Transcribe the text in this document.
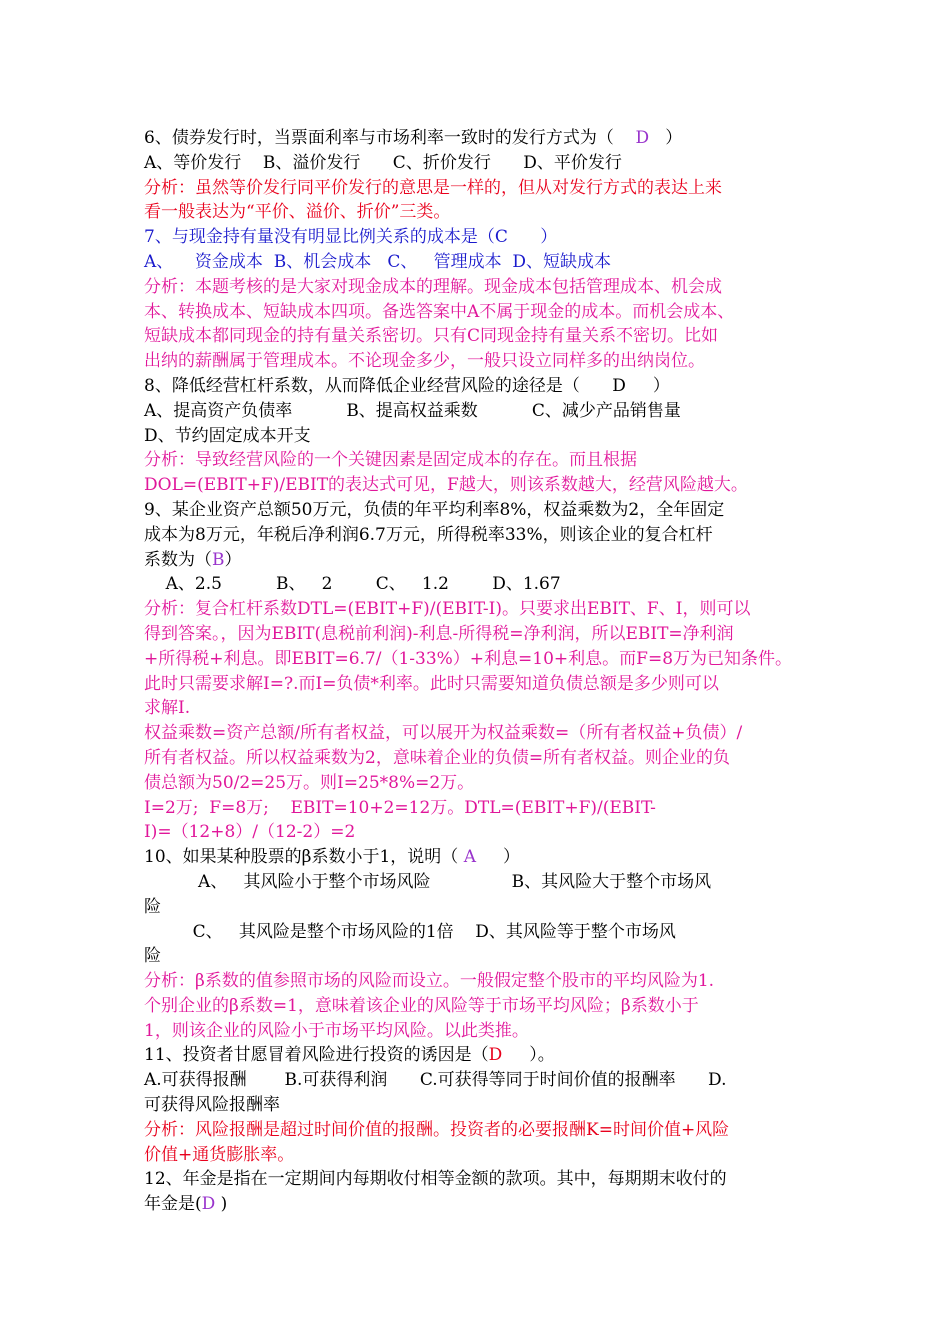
6、债券发行时，当票面利率与市场利率一致时的发行方式为（    D   ）
A、等价发行    B、溢价发行      C、折价发行      D、平价发行
分析：虽然等价发行同平价发行的意思是一样的，但从对发行方式的表达上来
看一般表达为“平价、溢价、折价”三类。
7、与现金持有量没有明显比例关系的成本是（C      ）
A、    资金成本  B、机会成本   C、   管理成本  D、短缺成本
分析：本题考核的是大家对现金成本的理解。现金成本包括管理成本、机会成
本、转换成本、短缺成本四项。备选答案中A不属于现金的成本。而机会成本、
短缺成本都同现金的持有量关系密切。只有C同现金持有量关系不密切。比如
出纳的薪酬属于管理成本。不论现金多少，一般只设立同样多的出纳岗位。
8、降低经营杠杆系数，从而降低企业经营风险的途径是（      D     ）
A、提高资产负债率          B、提高权益乘数          C、减少产品销售量
D、节约固定成本开支
分析：导致经营风险的一个关键因素是固定成本的存在。而且根据
DOL=(EBIT+F)/EBIT的表达式可见，F越大，则该系数越大，经营风险越大。
9、某企业资产总额50万元，负债的年平均利率8%，权益乘数为2，全年固定
成本为8万元，年税后净利润6.7万元，所得税率33%，则该企业的复合杠杆
系数为（B）
A、2.5          B、   2        C、   1.2        D、1.67
分析：复合杠杆系数DTL=(EBIT+F)/(EBIT-I)。只要求出EBIT、F、I，则可以
得到答案。，因为EBIT(息税前利润)-利息-所得税=净利润，所以EBIT=净利润
+所得税+利息。即EBIT=6.7/（1-33%）+利息=10+利息。而F=8万为已知条件。
此时只需要求解I=?.而I=负债*利率。此时只需要知道负债总额是多少则可以
求解I.
权益乘数=资产总额/所有者权益，可以展开为权益乘数=（所有者权益+负债）/
所有者权益。所以权益乘数为2，意味着企业的负债=所有者权益。则企业的负
债总额为50/2=25万。则I=25*8%=2万。
I=2万;  F=8万;    EBIT=10+2=12万。DTL=(EBIT+F)/(EBIT-
I)=（12+8）/（12-2）=2
10、如果某种股票的β系数小于1，说明（ A     ）
A、   其风险小于整个市场风险               B、其风险大于整个市场风
险
C、   其风险是整个市场风险的1倍    D、其风险等于整个市场风
险
分析：β系数的值参照市场的风险而设立。一般假定整个股市的平均风险为1.
个别企业的β系数=1，意味着该企业的风险等于市场平均风险；β系数小于
1，则该企业的风险小于市场平均风险。以此类推。
11、投资者甘愿冒着风险进行投资的诱因是（D     ）。
A.可获得报酬       B.可获得利润      C.可获得等同于时间价值的报酬率      D.
可获得风险报酬率
分析：风险报酬是超过时间价值的报酬。投资者的必要报酬K=时间价值+风险
价值+通货膨胀率。
12、年金是指在一定期间内每期收付相等金额的款项。其中，每期期末收付的
年金是(D )
